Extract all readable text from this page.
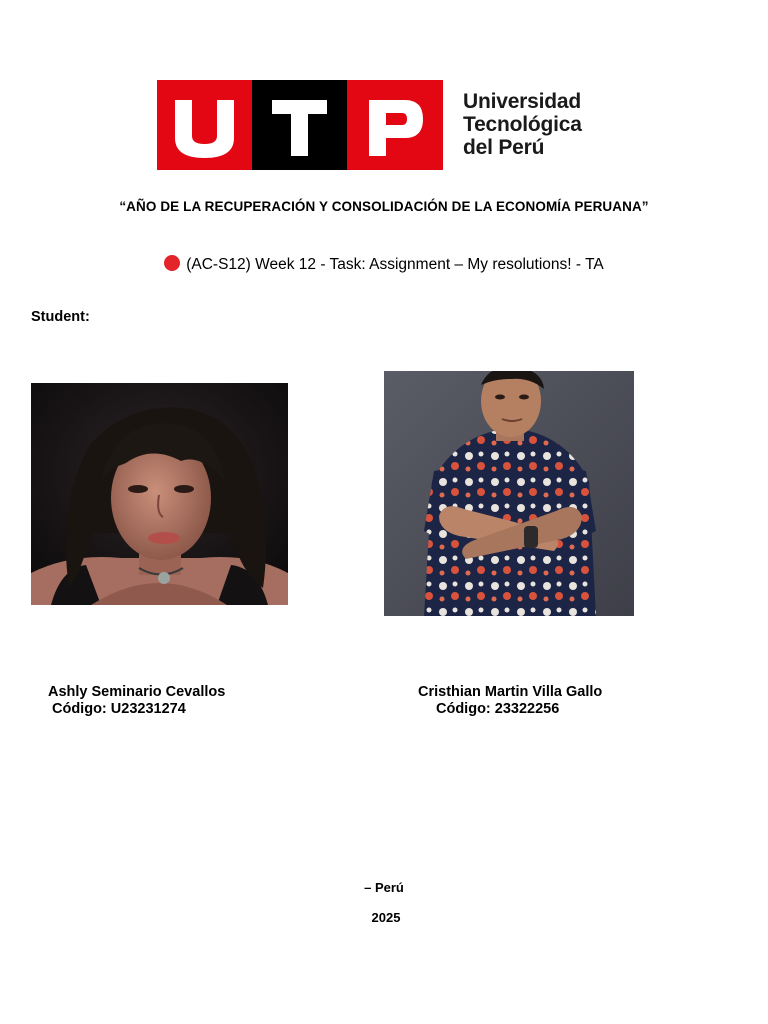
Universidad
Tecnológica
del Perú
“AÑO DE LA RECUPERACIÓN Y CONSOLIDACIÓN DE LA ECONOMÍA PERUANA”
(AC-S12) Week 12 - Task: Assignment – My resolutions! - TA
Student:
Ashly Seminario Cevallos
Código: U23231274
Cristhian Martin Villa Gallo
Código: 23322256
– Perú
2025
